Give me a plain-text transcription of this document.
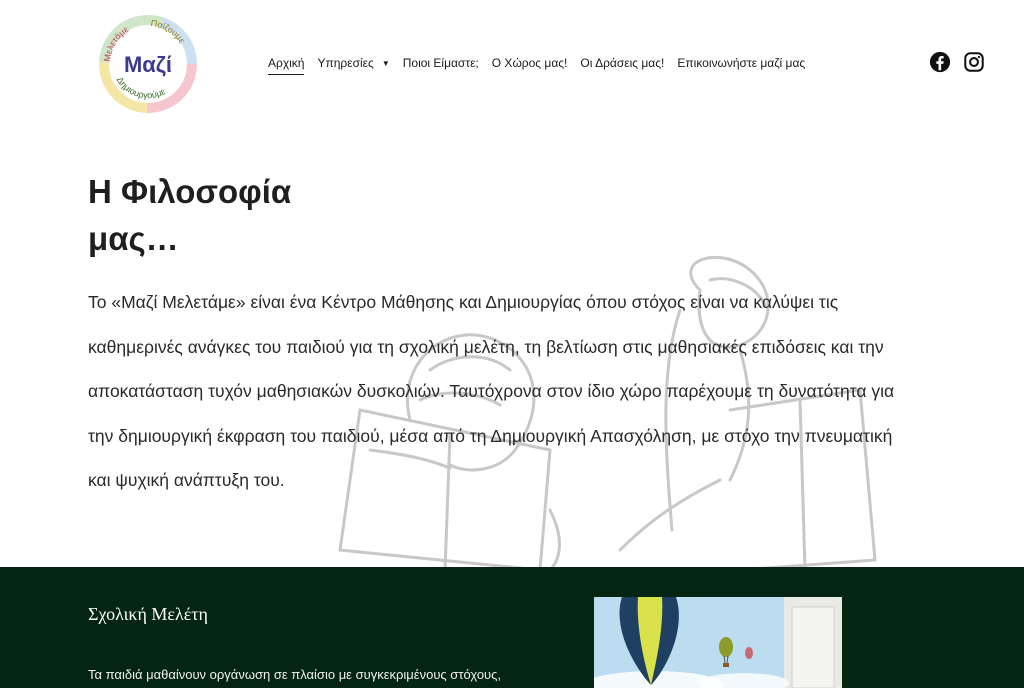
Μελετάμε
Παίζουμε
Δημιουργούμε
Μαζί	Αρχική Υπηρεσίες ▼ Ποιοι Είμαστε; Ο Χώρος μας! Οι Δράσεις μας! Επικοινωνήστε μαζί μας
Η Φιλοσοφία
μας…

Το «Μαζί Μελετάμε» είναι ένα Κέντρο Μάθησης και Δημιουργίας όπου στόχος είναι να καλύψει τις καθημερινές ανάγκες του παιδιού για τη σχολική μελέτη, τη βελτίωση στις μαθησιακές επιδόσεις και την αποκατάσταση τυχόν μαθησιακών δυσκολιών. Ταυτόχρονα στον ίδιο χώρο παρέχουμε τη δυνατότητα για την δημιουργική έκφραση του παιδιού, μέσα από τη Δημιουργική Απασχόληση, με στόχο την πνευματική και ψυχική ανάπτυξη του.

Σχολική Μελέτη

Τα παιδιά μαθαίνουν οργάνωση σε πλαίσιο με συγκεκριμένους στόχους,
